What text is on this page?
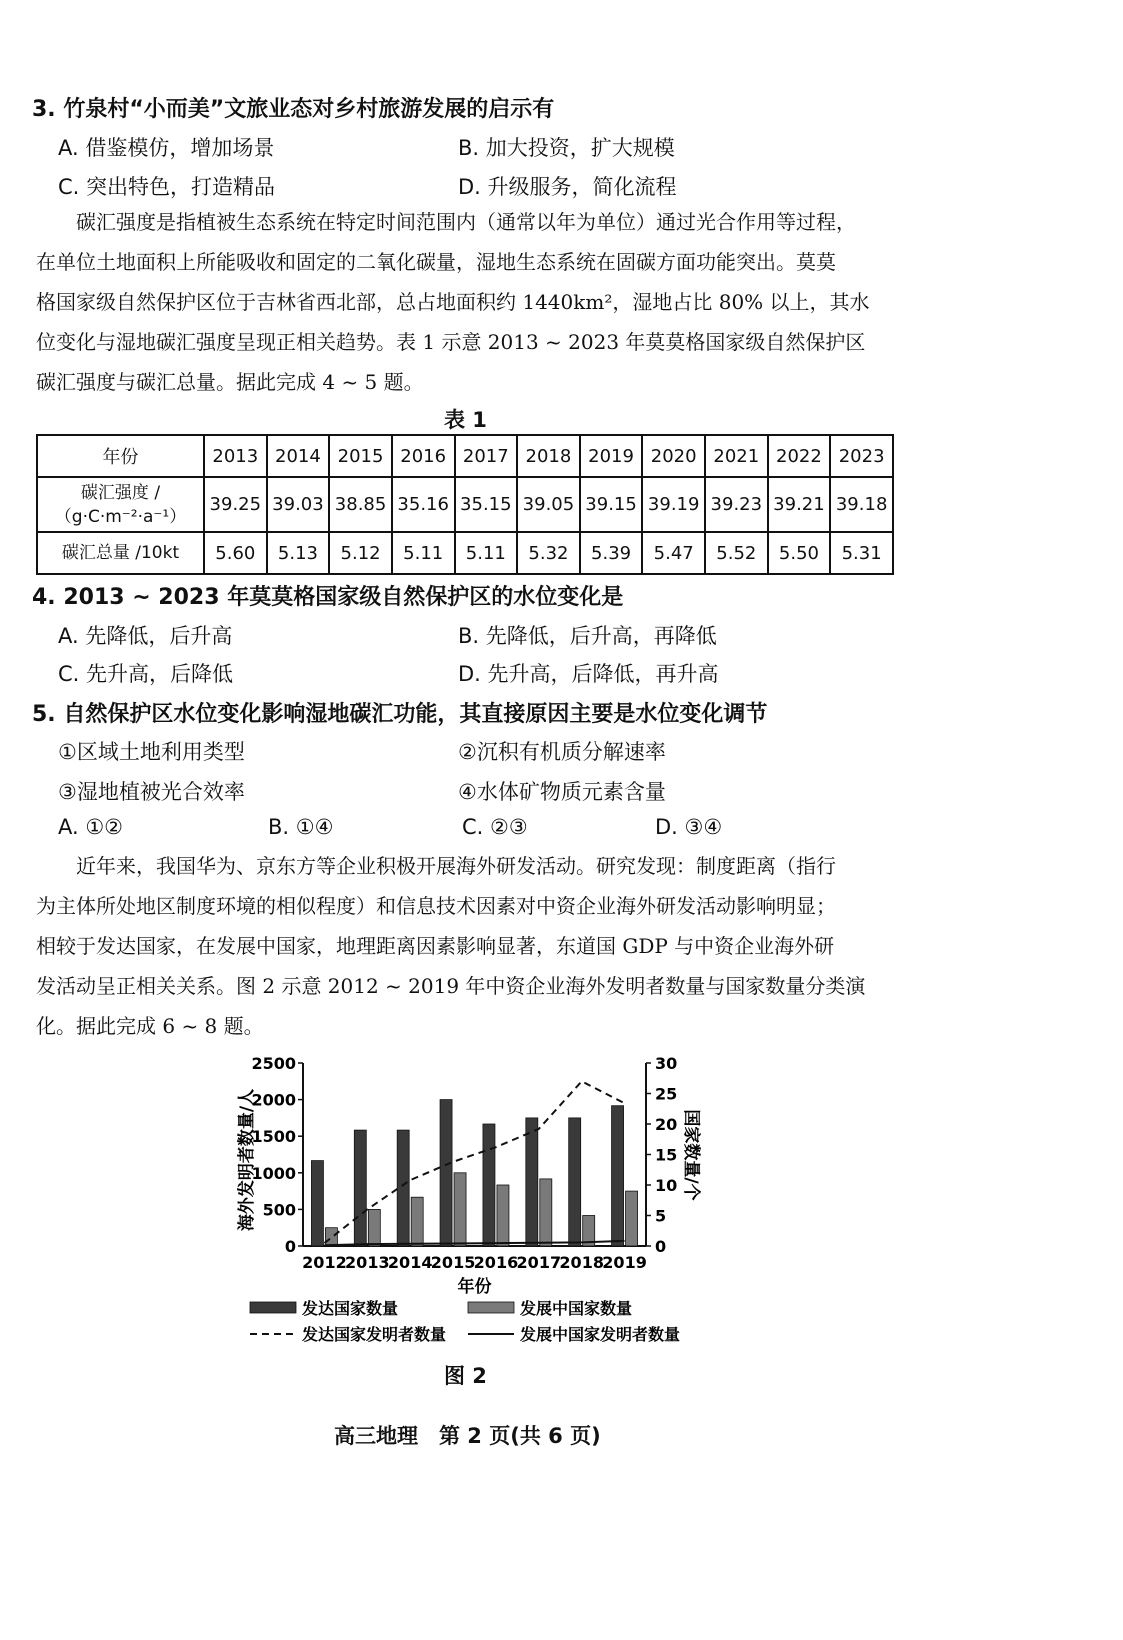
3. 竹泉村“小而美”文旅业态对乡村旅游发展的启示有
A. 借鉴模仿，增加场景	B. 加大投资，扩大规模
C. 突出特色，打造精品	D. 升级服务，简化流程
碳汇强度是指植被生态系统在特定时间范围内（通常以年为单位）通过光合作用等过程，
在单位土地面积上所能吸收和固定的二氧化碳量，湿地生态系统在固碳方面功能突出。莫莫
格国家级自然保护区位于吉林省西北部，总占地面积约 1440km²，湿地占比 80% 以上，其水
位变化与湿地碳汇强度呈现正相关趋势。表 1 示意 2013 ~ 2023 年莫莫格国家级自然保护区
碳汇强度与碳汇总量。据此完成 4 ~ 5 题。
表 1
年份	2013	2014	2015	2016	2017	2018	2019	2020	2021	2022	2023

碳汇强度 /
（g·C·m⁻²·a⁻¹）	39.25	39.03	38.85	35.16	35.15	39.05	39.15	39.19	39.23	39.21	39.18
碳汇总量 /10kt	5.60	5.13	5.12	5.11	5.11	5.32	5.39	5.47	5.52	5.50	5.31
4. 2013 ~ 2023 年莫莫格国家级自然保护区的水位变化是
A. 先降低，后升高	B. 先降低，后升高，再降低
C. 先升高，后降低	D. 先升高，后降低，再升高
5. 自然保护区水位变化影响湿地碳汇功能，其直接原因主要是水位变化调节
①区域土地利用类型	②沉积有机质分解速率
③湿地植被光合效率	④水体矿物质元素含量
A. ①②	B. ①④	C. ②③	D. ③④
近年来，我国华为、京东方等企业积极开展海外研发活动。研究发现：制度距离（指行
为主体所处地区制度环境的相似程度）和信息技术因素对中资企业海外研发活动影响明显；
相较于发达国家，在发展中国家，地理距离因素影响显著，东道国 GDP 与中资企业海外研
发活动呈正相关关系。图 2 示意 2012 ~ 2019 年中资企业海外发明者数量与国家数量分类演
化。据此完成 6 ~ 8 题。
0
500
1000
1500
2000
2500
0
5
10
15
20
25
30
2012
2013
2014
2015
2016
2017
2018
2019
年份
海外发明者数量/人	国家数量/个
发达国家数量	发展中国家数量
发达国家发明者数量	发展中国家发明者数量
图 2
高三地理　第 2 页(共 6 页)
